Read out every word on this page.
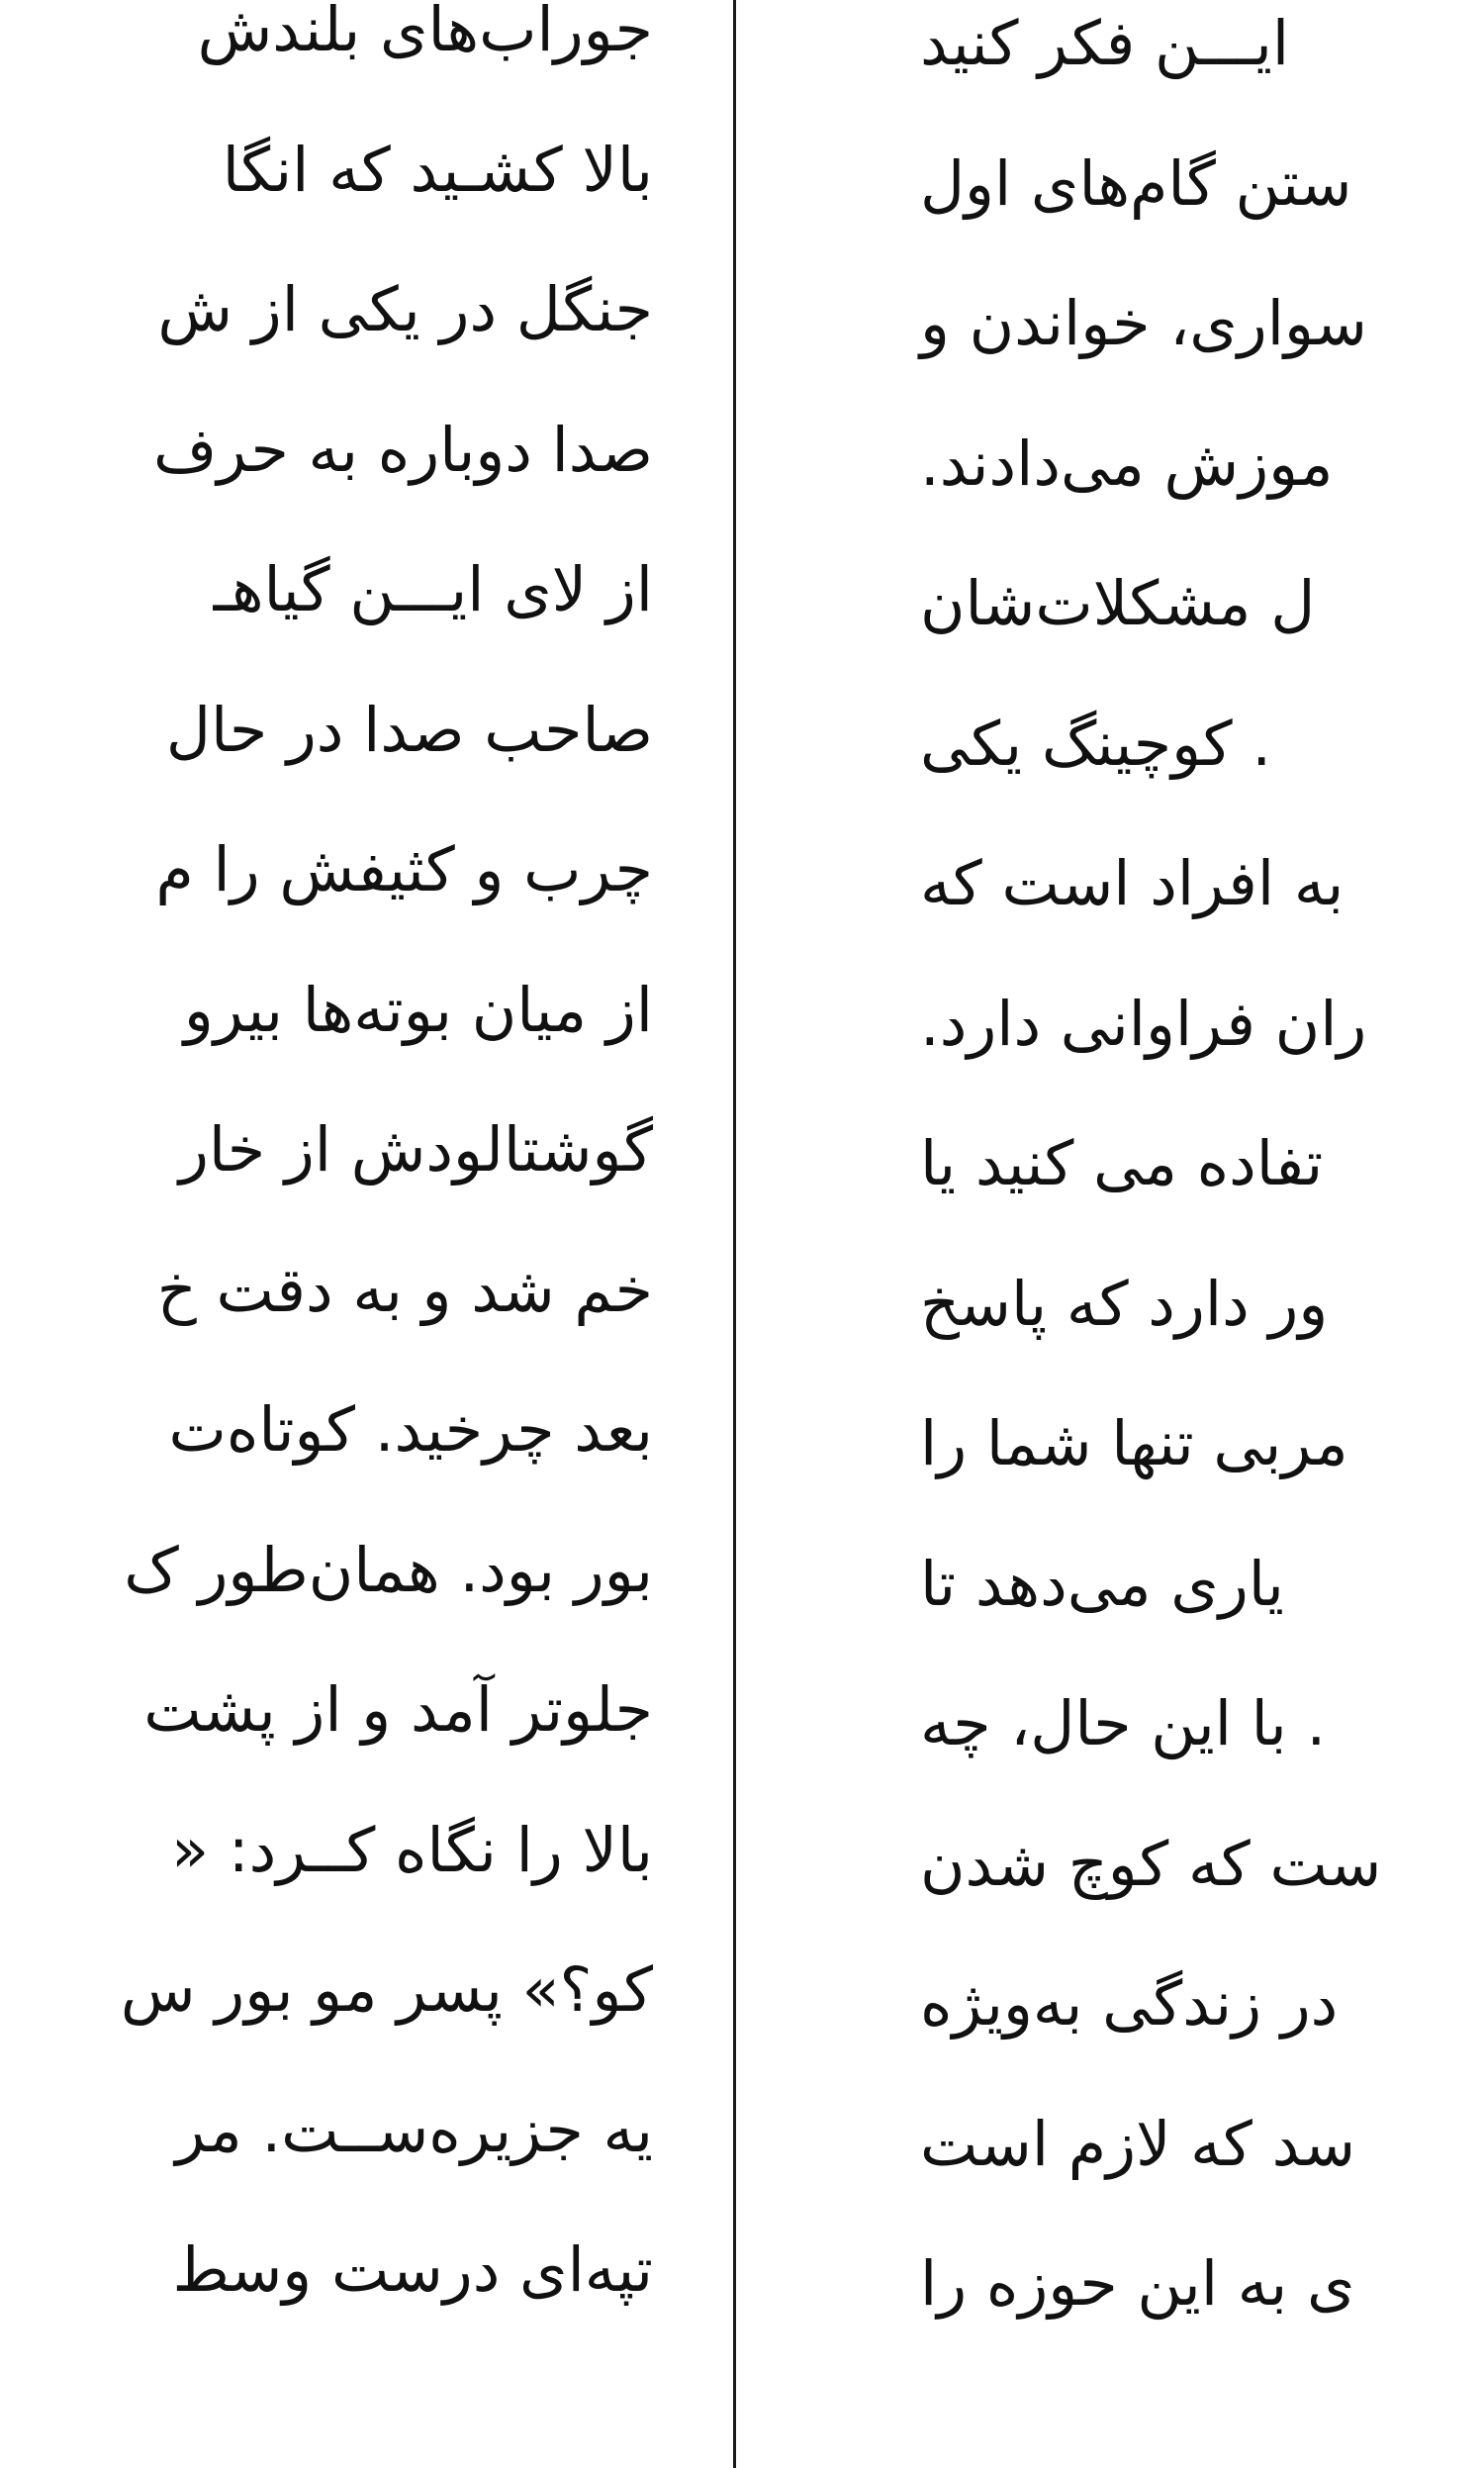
جوراب‌های بلندش
بالا کشـید که انگا
جنگل در یکی از ش
صدا دوباره به حرف
از لای ایـــن گیاهـ
صاحب صدا در حال
چرب و کثیفش را م
از میان بوته‌ها بیرو
گوشتالودش از خار
خم شد و به دقت خ
بعد چرخید. کوتاه‌ت
بور بود. همان‌طور ک
جلوتر آمد و از پشت
بالا را نگاه کــرد: «
کو؟» پسر مو بور س
یه جزیره‌ســت. مر
تپه‌ای درست وسط
ایـــن فکر کنید
ستن گام‌های اول
سواری، خواندن و
موزش می‌دادند.
ل مشکلات‌شان
. کوچینگ یکی
به افراد است که
ران فراوانی دارد.
تفاده می کنید یا
ور دارد که پاسخ
مربی تنها شما را
یاری می‌دهد تا
. با این حال، چه
ست که کوچ شدن
در زندگی به‌ویژه
سد که لازم است
ی به این حوزه را
